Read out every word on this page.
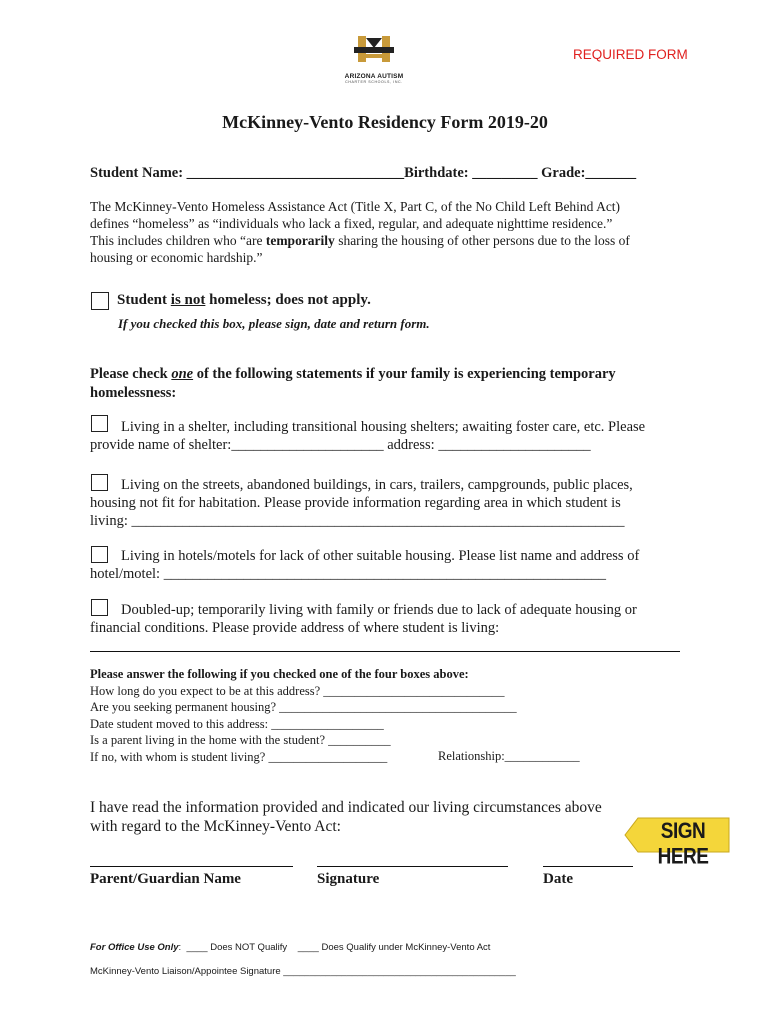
ARIZONA AUTISM
CHARTER SCHOOLS, INC.
REQUIRED FORM
McKinney-Vento Residency Form 2019-20
Student Name: ______________________________Birthdate: _________ Grade:_______
The McKinney-Vento Homeless Assistance Act (Title X, Part C, of the No Child Left Behind Act)
defines “homeless” as “individuals who lack a fixed, regular, and adequate nighttime residence.”
This includes children who “are temporarily sharing the housing of other persons due to the loss of
housing or economic hardship.”
Student is not homeless; does not apply.
If you checked this box, please sign, date and return form.
Please check one of the following statements if your family is experiencing temporary
homelessness:
Living in a shelter, including transitional housing shelters; awaiting foster care, etc. Please
provide name of shelter:_____________________ address: _____________________
Living on the streets, abandoned buildings, in cars, trailers, campgrounds, public places,
housing not fit for habitation. Please provide information regarding area in which student is
living: ____________________________________________________________________
Living in hotels/motels for lack of other suitable housing. Please list name and address of
hotel/motel: _____________________________________________________________
Doubled-up; temporarily living with family or friends due to lack of adequate housing or
financial conditions. Please provide address of where student is living:
Please answer the following if you checked one of the four boxes above:
How long do you expect to be at this address? _____________________________
Are you seeking permanent housing? ______________________________________
Date student moved to this address: __________________
Is a parent living in the home with the student? __________
If no, with whom is student living? ___________________	Relationship:____________
I have read the information provided and indicated our living circumstances above
with regard to the McKinney-Vento Act:	SIGN HERE
Parent/Guardian Name	Signature	Date
For Office Use Only: ____ Does NOT Qualify ____ Does Qualify under McKinney-Vento Act
McKinney-Vento Liaison/Appointee Signature ____________________________________________
